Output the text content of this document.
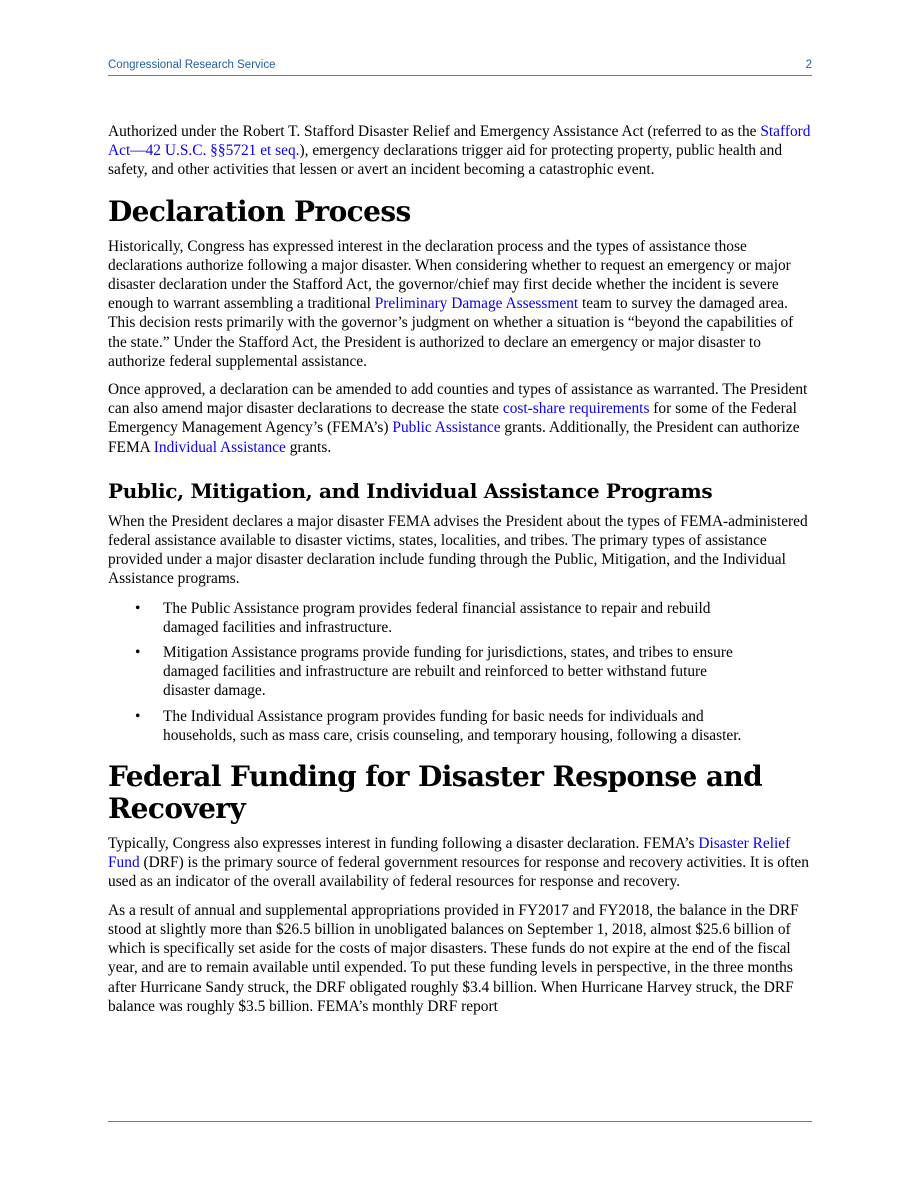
Congressional Research Service	2

Authorized under the Robert T. Stafford Disaster Relief and Emergency Assistance Act (referred to as the Stafford Act—42 U.S.C. §§5721 et seq.), emergency declarations trigger aid for protecting property, public health and safety, and other activities that lessen or avert an incident becoming a catastrophic event.

Declaration Process

Historically, Congress has expressed interest in the declaration process and the types of assistance those declarations authorize following a major disaster. When considering whether to request an emergency or major disaster declaration under the Stafford Act, the governor/chief may first decide whether the incident is severe enough to warrant assembling a traditional Preliminary Damage Assessment team to survey the damaged area. This decision rests primarily with the governor’s judgment on whether a situation is “beyond the capabilities of the state.” Under the Stafford Act, the President is authorized to declare an emergency or major disaster to authorize federal supplemental assistance.

Once approved, a declaration can be amended to add counties and types of assistance as warranted. The President can also amend major disaster declarations to decrease the state cost-share requirements for some of the Federal Emergency Management Agency’s (FEMA’s) Public Assistance grants. Additionally, the President can authorize FEMA Individual Assistance grants.

Public, Mitigation, and Individual Assistance Programs

When the President declares a major disaster FEMA advises the President about the types of FEMA-administered federal assistance available to disaster victims, states, localities, and tribes. The primary types of assistance provided under a major disaster declaration include funding through the Public, Mitigation, and the Individual Assistance programs.

• The Public Assistance program provides federal financial assistance to repair and rebuild damaged facilities and infrastructure.
• Mitigation Assistance programs provide funding for jurisdictions, states, and tribes to ensure damaged facilities and infrastructure are rebuilt and reinforced to better withstand future disaster damage.
• The Individual Assistance program provides funding for basic needs for individuals and households, such as mass care, crisis counseling, and temporary housing, following a disaster.
Federal Funding for Disaster Response and Recovery

Typically, Congress also expresses interest in funding following a disaster declaration. FEMA’s Disaster Relief Fund (DRF) is the primary source of federal government resources for response and recovery activities. It is often used as an indicator of the overall availability of federal resources for response and recovery.

As a result of annual and supplemental appropriations provided in FY2017 and FY2018, the balance in the DRF stood at slightly more than $26.5 billion in unobligated balances on September 1, 2018, almost $25.6 billion of which is specifically set aside for the costs of major disasters. These funds do not expire at the end of the fiscal year, and are to remain available until expended. To put these funding levels in perspective, in the three months after Hurricane Sandy struck, the DRF obligated roughly $3.4 billion. When Hurricane Harvey struck, the DRF balance was roughly $3.5 billion. FEMA’s monthly DRF report
